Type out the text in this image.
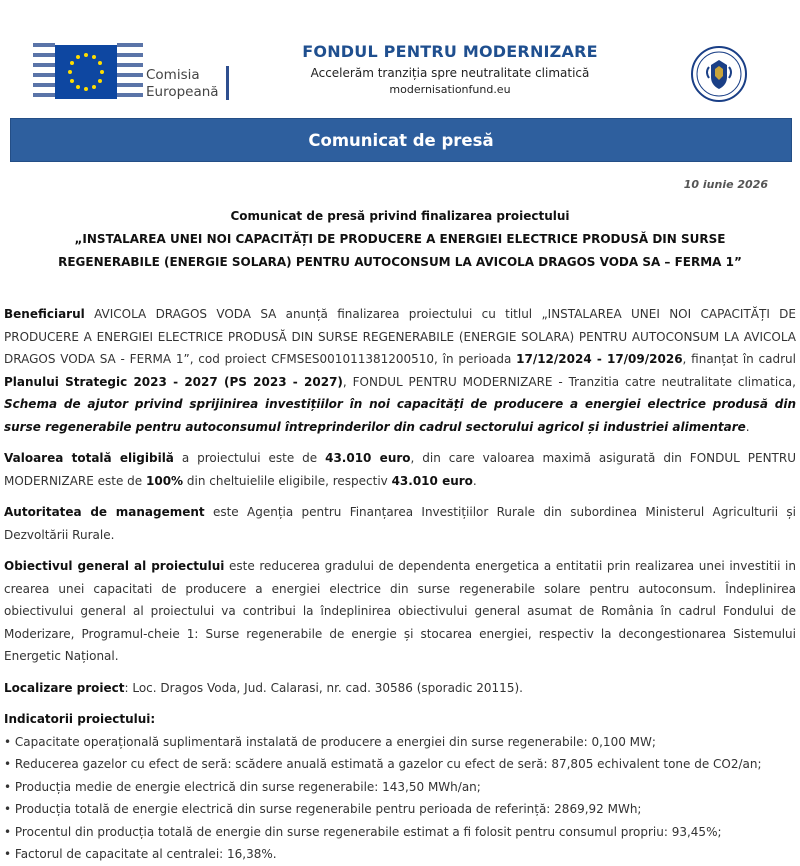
Comisia
Europeană
FONDUL PENTRU MODERNIZARE
Accelerăm tranziția spre neutralitate climatică
modernisationfund.eu
Comunicat de presă
10 iunie 2026
Comunicat de presă privind finalizarea proiectului
„INSTALAREA UNEI NOI CAPACITĂȚI DE PRODUCERE A ENERGIEI ELECTRICE PRODUSĂ DIN SURSE
REGENERABILE (ENERGIE SOLARA) PENTRU AUTOCONSUM LA AVICOLA DRAGOS VODA SA – FERMA 1”

Beneficiarul AVICOLA DRAGOS VODA SA anunță finalizarea proiectului cu titlul „INSTALAREA UNEI NOI CAPACITĂȚI DE PRODUCERE A ENERGIEI ELECTRICE PRODUSĂ DIN SURSE REGENERABILE (ENERGIE SOLARA) PENTRU AUTOCONSUM LA AVICOLA DRAGOS VODA SA - FERMA 1”, cod proiect CFMSES001011381200510, în perioada 17/12/2024 - 17/09/2026, finanțat în cadrul Planului Strategic 2023 - 2027 (PS 2023 - 2027), FONDUL PENTRU MODERNIZARE - Tranzitia catre neutralitate climatica, Schema de ajutor privind sprijinirea investițiilor în noi capacități de producere a energiei electrice produsă din surse regenerabile pentru autoconsumul întreprinderilor din cadrul sectorului agricol și industriei alimentare.

Valoarea totală eligibilă a proiectului este de 43.010 euro, din care valoarea maximă asigurată din FONDUL PENTRU MODERNIZARE este de 100% din cheltuielile eligibile, respectiv 43.010 euro.

Autoritatea de management este Agenția pentru Finanțarea Investițiilor Rurale din subordinea Ministerul Agriculturii și Dezvoltării Rurale.

Obiectivul general al proiectului este reducerea gradului de dependenta energetica a entitatii prin realizarea unei investitii in crearea unei capacitati de producere a energiei electrice din surse regenerabile solare pentru autoconsum. Îndeplinirea obiectivului general al proiectului va contribui la îndeplinirea obiectivului general asumat de România în cadrul Fondului de Moderizare, Programul-cheie 1: Surse regenerabile de energie și stocarea energiei, respectiv la decongestionarea Sistemului Energetic Național.

Localizare proiect: Loc. Dragos Voda, Jud. Calarasi, nr. cad. 30586 (sporadic 20115).

Indicatorii proiectului:
• Capacitate operațională suplimentară instalată de producere a energiei din surse regenerabile: 0,100 MW;
• Reducerea gazelor cu efect de seră: scădere anuală estimată a gazelor cu efect de seră: 87,805 echivalent tone de CO2/an;
• Producția medie de energie electrică din surse regenerabile: 143,50 MWh/an;
• Producția totală de energie electrică din surse regenerabile pentru perioada de referință: 2869,92 MWh;
• Procentul din producția totală de energie din surse regenerabile estimat a fi folosit pentru consumul propriu: 93,45%;
• Factorul de capacitate al centralei: 16,38%.
